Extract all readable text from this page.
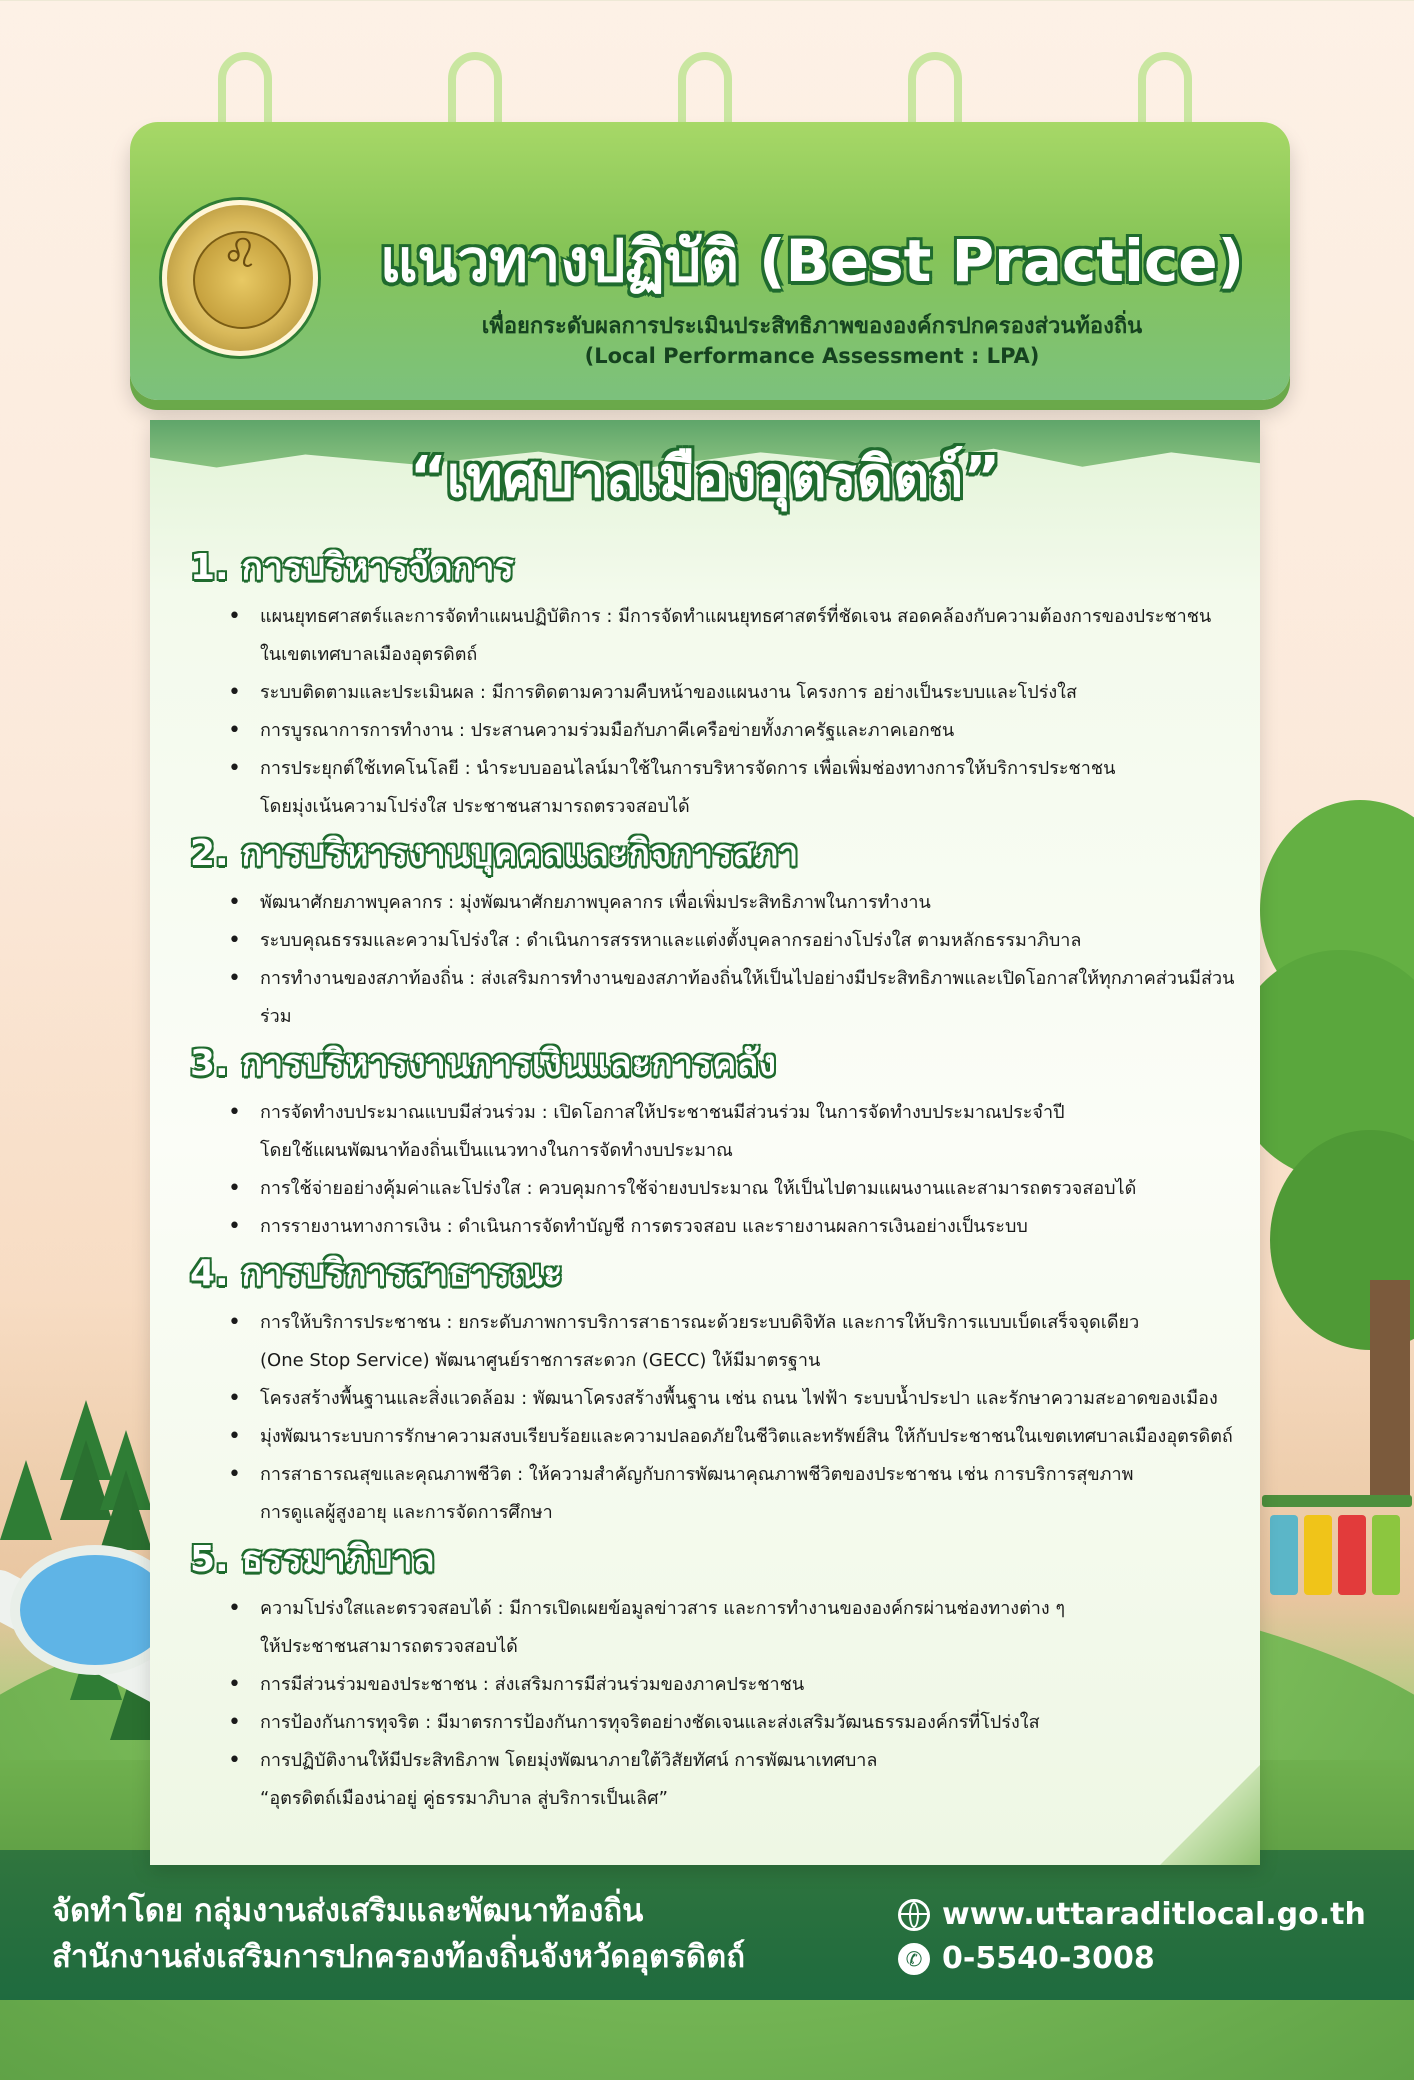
♌	แนวทางปฏิบัติ (Best Practice)
เพื่อยกระดับผลการประเมินประสิทธิภาพขององค์กรปกครองส่วนท้องถิ่น
(Local Performance Assessment : LPA)
“เทศบาลเมืองอุตรดิตถ์”
1. การบริหารจัดการ
• แผนยุทธศาสตร์และการจัดทำแผนปฏิบัติการ : มีการจัดทำแผนยุทธศาสตร์ที่ชัดเจน สอดคล้องกับความต้องการของประชาชน
ในเขตเทศบาลเมืองอุตรดิตถ์
• ระบบติดตามและประเมินผล : มีการติดตามความคืบหน้าของแผนงาน โครงการ อย่างเป็นระบบและโปร่งใส
• การบูรณาการการทำงาน : ประสานความร่วมมือกับภาคีเครือข่ายทั้งภาครัฐและภาคเอกชน
• การประยุกต์ใช้เทคโนโลยี : นำระบบออนไลน์มาใช้ในการบริหารจัดการ เพื่อเพิ่มช่องทางการให้บริการประชาชน
โดยมุ่งเน้นความโปร่งใส ประชาชนสามารถตรวจสอบได้
2. การบริหารงานบุคคลและกิจการสภา
• พัฒนาศักยภาพบุคลากร : มุ่งพัฒนาศักยภาพบุคลากร เพื่อเพิ่มประสิทธิภาพในการทำงาน
• ระบบคุณธรรมและความโปร่งใส : ดำเนินการสรรหาและแต่งตั้งบุคลากรอย่างโปร่งใส ตามหลักธรรมาภิบาล
• การทำงานของสภาท้องถิ่น : ส่งเสริมการทำงานของสภาท้องถิ่นให้เป็นไปอย่างมีประสิทธิภาพและเปิดโอกาสให้ทุกภาคส่วนมีส่วนร่วม
3. การบริหารงานการเงินและการคลัง
• การจัดทำงบประมาณแบบมีส่วนร่วม : เปิดโอกาสให้ประชาชนมีส่วนร่วม ในการจัดทำงบประมาณประจำปี
โดยใช้แผนพัฒนาท้องถิ่นเป็นแนวทางในการจัดทำงบประมาณ
• การใช้จ่ายอย่างคุ้มค่าและโปร่งใส : ควบคุมการใช้จ่ายงบประมาณ ให้เป็นไปตามแผนงานและสามารถตรวจสอบได้
• การรายงานทางการเงิน : ดำเนินการจัดทำบัญชี การตรวจสอบ และรายงานผลการเงินอย่างเป็นระบบ
4. การบริการสาธารณะ
• การให้บริการประชาชน : ยกระดับภาพการบริการสาธารณะด้วยระบบดิจิทัล และการให้บริการแบบเบ็ดเสร็จจุดเดียว
(One Stop Service) พัฒนาศูนย์ราชการสะดวก (GECC) ให้มีมาตรฐาน
• โครงสร้างพื้นฐานและสิ่งแวดล้อม : พัฒนาโครงสร้างพื้นฐาน เช่น ถนน ไฟฟ้า ระบบน้ำประปา และรักษาความสะอาดของเมือง
• มุ่งพัฒนาระบบการรักษาความสงบเรียบร้อยและความปลอดภัยในชีวิตและทรัพย์สิน ให้กับประชาชนในเขตเทศบาลเมืองอุตรดิตถ์
• การสาธารณสุขและคุณภาพชีวิต : ให้ความสำคัญกับการพัฒนาคุณภาพชีวิตของประชาชน เช่น การบริการสุขภาพ
การดูแลผู้สูงอายุ และการจัดการศึกษา
5. ธรรมาภิบาล
• ความโปร่งใสและตรวจสอบได้ : มีการเปิดเผยข้อมูลข่าวสาร และการทำงานขององค์กรผ่านช่องทางต่าง ๆ
ให้ประชาชนสามารถตรวจสอบได้
• การมีส่วนร่วมของประชาชน : ส่งเสริมการมีส่วนร่วมของภาคประชาชน
• การป้องกันการทุจริต : มีมาตรการป้องกันการทุจริตอย่างชัดเจนและส่งเสริมวัฒนธรรมองค์กรที่โปร่งใส
• การปฏิบัติงานให้มีประสิทธิภาพ โดยมุ่งพัฒนาภายใต้วิสัยทัศน์ การพัฒนาเทศบาล
“อุตรดิตถ์เมืองน่าอยู่ คู่ธรรมาภิบาล สู่บริการเป็นเลิศ”
จัดทำโดย กลุ่มงานส่งเสริมและพัฒนาท้องถิ่น
สำนักงานส่งเสริมการปกครองท้องถิ่นจังหวัดอุตรดิตถ์
www.uttaraditlocal.go.th
✆ 0-5540-3008
